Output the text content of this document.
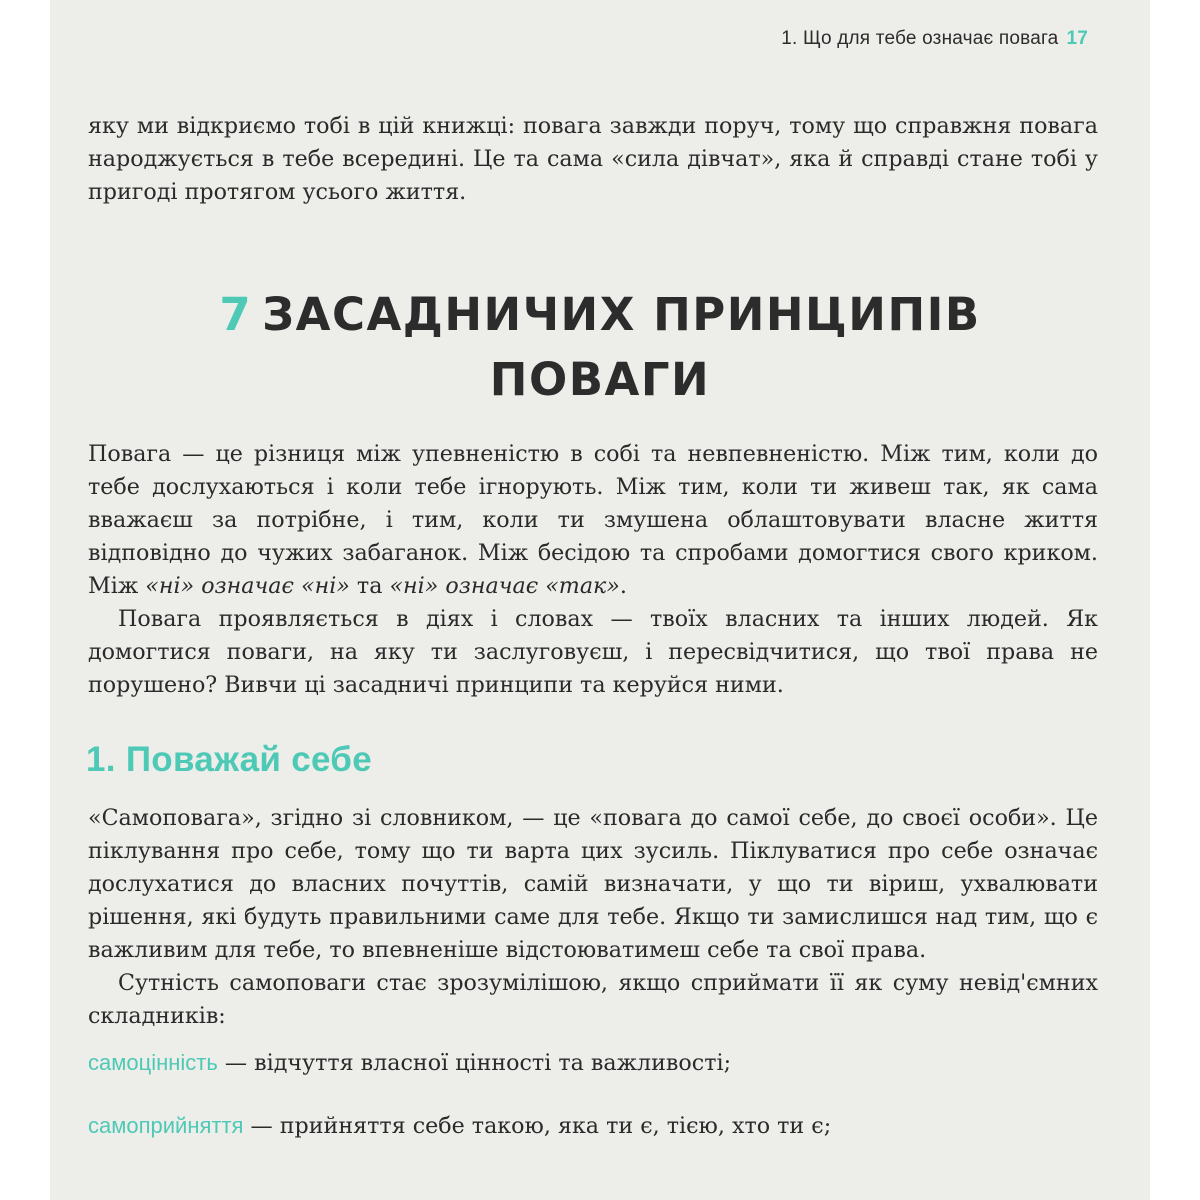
1. Що для тебе означає повага 17

яку ми відкриємо тобі в цій книжці: повага завжди поруч, тому що справжня повага народжується в тебе всередині. Це та сама «сила дівчат», яка й справді стане тобі у пригоді протягом усього життя.

7 ЗАСАДНИЧИХ ПРИНЦИПІВ
ПОВАГИ

Повага — це різниця між упевненістю в собі та невпевненістю. Між тим, коли до тебе дослухаються і коли тебе ігнорують. Між тим, коли ти живеш так, як сама вважаєш за потрібне, і тим, коли ти змушена облаштовувати власне життя відповідно до чужих забаганок. Між бесідою та спробами домогтися свого криком. Між «ні» означає «ні» та «ні» означає «так».

Повага проявляється в діях і словах — твоїх власних та інших людей. Як домогтися поваги, на яку ти заслуговуєш, і пересвідчитися, що твої права не порушено? Вивчи ці засадничі принципи та керуйся ними.

1. Поважай себе

«Самоповага», згідно зі словником, — це «повага до самої себе, до своєї особи». Це піклування про себе, тому що ти варта цих зусиль. Піклуватися про себе означає дослухатися до власних почуттів, самій визначати, у що ти віриш, ухвалювати рішення, які будуть правильними саме для тебе. Якщо ти замислишся над тим, що є важливим для тебе, то впевненіше відстоюватимеш себе та свої права.

Сутність самоповаги стає зрозумілішою, якщо сприймати її як суму невід'ємних складників:

самоцінність — відчуття власної цінності та важливості;

самоприйняття — прийняття себе такою, яка ти є, тією, хто ти є;
